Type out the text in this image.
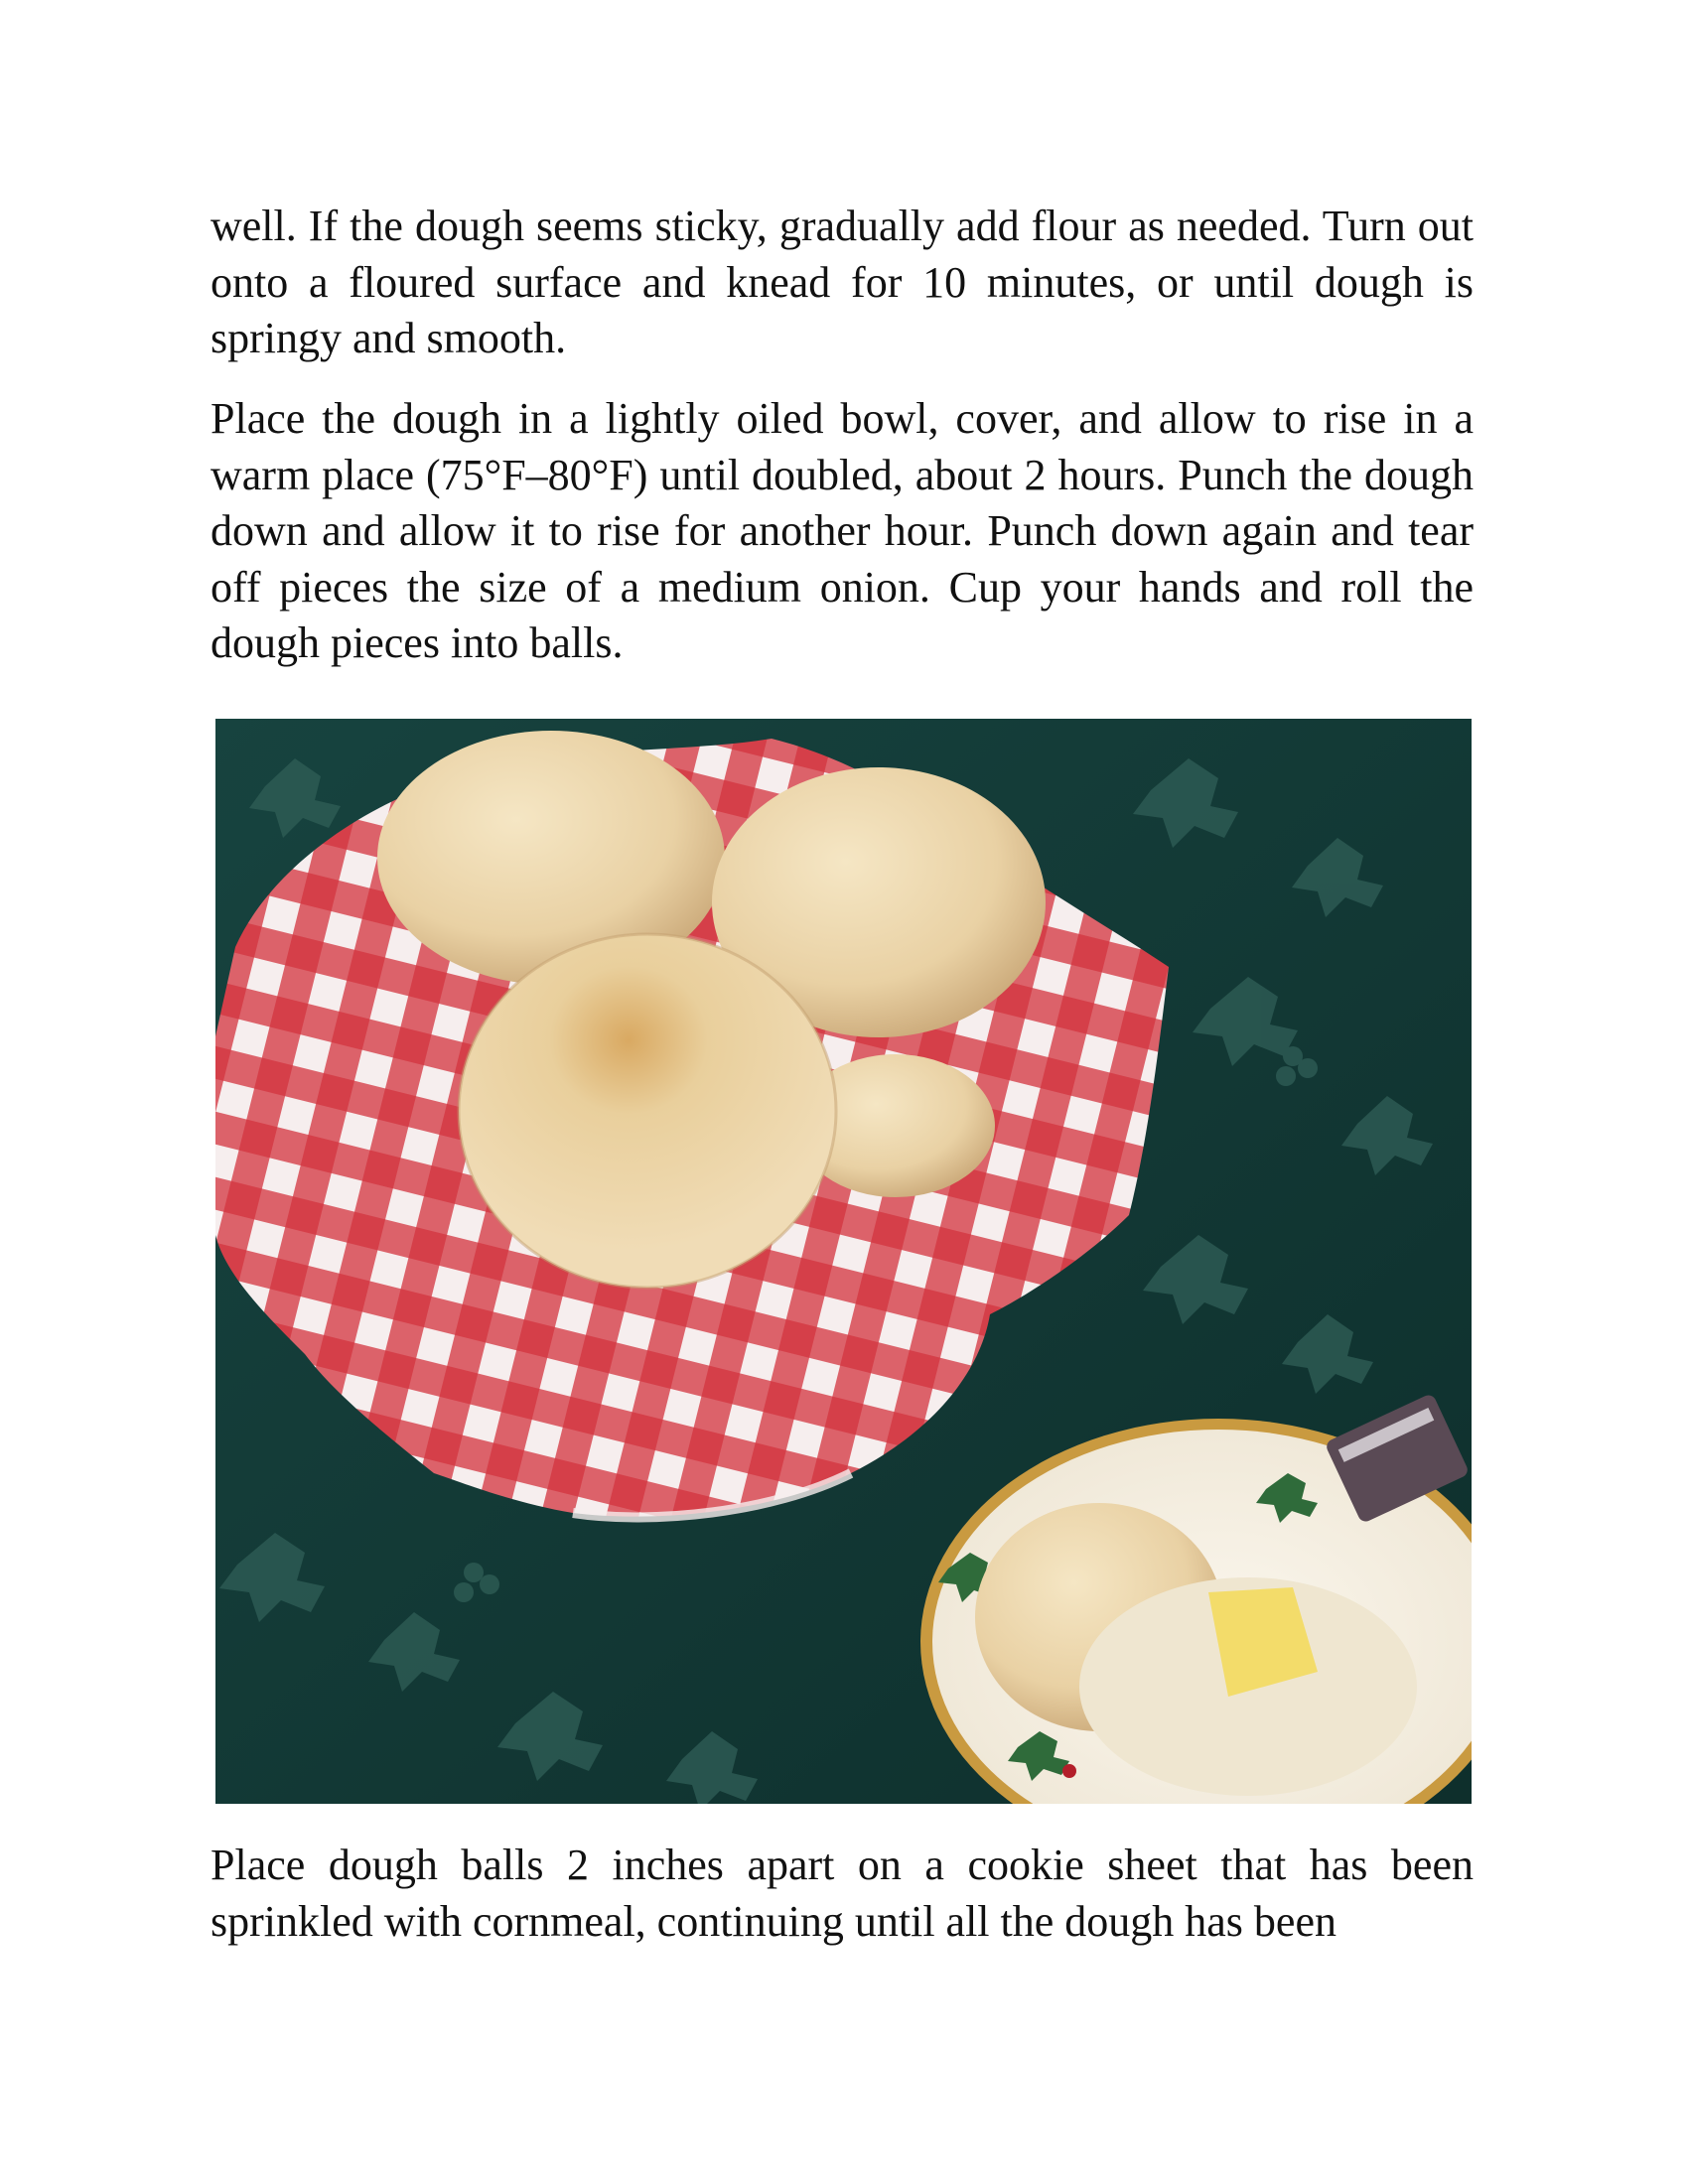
well. If the dough seems sticky, gradually add flour as needed. Turn out onto a floured surface and knead for 10 minutes, or until dough is springy and smooth.

Place the dough in a lightly oiled bowl, cover, and allow to rise in a warm place (75°F–80°F) until doubled, about 2 hours. Punch the dough down and allow it to rise for another hour. Punch down again and tear off pieces the size of a medium onion. Cup your hands and roll the dough pieces into balls.

Place dough balls 2 inches apart on a cookie sheet that has been sprinkled with cornmeal, continuing until all the dough has been
